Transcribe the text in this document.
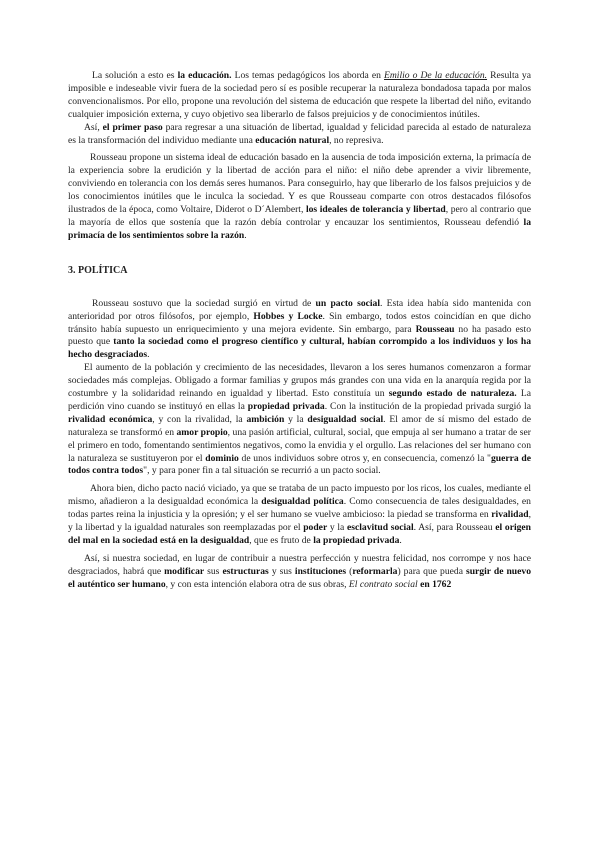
La solución a esto es la educación. Los temas pedagógicos los aborda en Emilio o De la educación. Resulta ya imposible e indeseable vivir fuera de la sociedad pero sí es posible recuperar la naturaleza bondadosa tapada por malos convencionalismos. Por ello, propone una revolución del sistema de educación que respete la libertad del niño, evitando cualquier imposición externa, y cuyo objetivo sea liberarlo de falsos prejuicios y de conocimientos inútiles.

Así, el primer paso para regresar a una situación de libertad, igualdad y felicidad parecida al estado de naturaleza es la transformación del individuo mediante una educación natural, no represiva.

Rousseau propone un sistema ideal de educación basado en la ausencia de toda imposición externa, la primacía de la experiencia sobre la erudición y la libertad de acción para el niño: el niño debe aprender a vivir libremente, conviviendo en tolerancia con los demás seres humanos. Para conseguirlo, hay que liberarlo de los falsos prejuicios y de los conocimientos inútiles que le inculca la sociedad. Y es que Rousseau comparte con otros destacados filósofos ilustrados de la época, como Voltaire, Diderot o D´Alembert, los ideales de tolerancia y libertad, pero al contrario que la mayoría de ellos que sostenía que la razón debía controlar y encauzar los sentimientos, Rousseau defendió la primacía de los sentimientos sobre la razón.

3. POLÍTICA

Rousseau sostuvo que la sociedad surgió en virtud de un pacto social. Esta idea había sido mantenida con anterioridad por otros filósofos, por ejemplo, Hobbes y Locke. Sin embargo, todos estos coincidían en que dicho tránsito había supuesto un enriquecimiento y una mejora evidente. Sin embargo, para Rousseau no ha pasado esto puesto que tanto la sociedad como el progreso científico y cultural, habían corrompido a los individuos y los ha hecho desgraciados.

El aumento de la población y crecimiento de las necesidades, llevaron a los seres humanos comenzaron a formar sociedades más complejas. Obligado a formar familias y grupos más grandes con una vida en la anarquía regida por la costumbre y la solidaridad reinando en igualdad y libertad. Esto constituía un segundo estado de naturaleza. La perdición vino cuando se instituyó en ellas la propiedad privada. Con la institución de la propiedad privada surgió la rivalidad económica, y con la rivalidad, la ambición y la desigualdad social. El amor de sí mismo del estado de naturaleza se transformó en amor propio, una pasión artificial, cultural, social, que empuja al ser humano a tratar de ser el primero en todo, fomentando sentimientos negativos, como la envidia y el orgullo. Las relaciones del ser humano con la naturaleza se sustituyeron por el dominio de unos individuos sobre otros y, en consecuencia, comenzó la "guerra de todos contra todos", y para poner fin a tal situación se recurrió a un pacto social.

Ahora bien, dicho pacto nació viciado, ya que se trataba de un pacto impuesto por los ricos, los cuales, mediante el mismo, añadieron a la desigualdad económica la desigualdad política. Como consecuencia de tales desigualdades, en todas partes reina la injusticia y la opresión; y el ser humano se vuelve ambicioso: la piedad se transforma en rivalidad, y la libertad y la igualdad naturales son reemplazadas por el poder y la esclavitud social. Así, para Rousseau el origen del mal en la sociedad está en la desigualdad, que es fruto de la propiedad privada.

Así, si nuestra sociedad, en lugar de contribuir a nuestra perfección y nuestra felicidad, nos corrompe y nos hace desgraciados, habrá que modificar sus estructuras y sus instituciones (reformarla) para que pueda surgir de nuevo el auténtico ser humano, y con esta intención elabora otra de sus obras, El contrato social en 1762
